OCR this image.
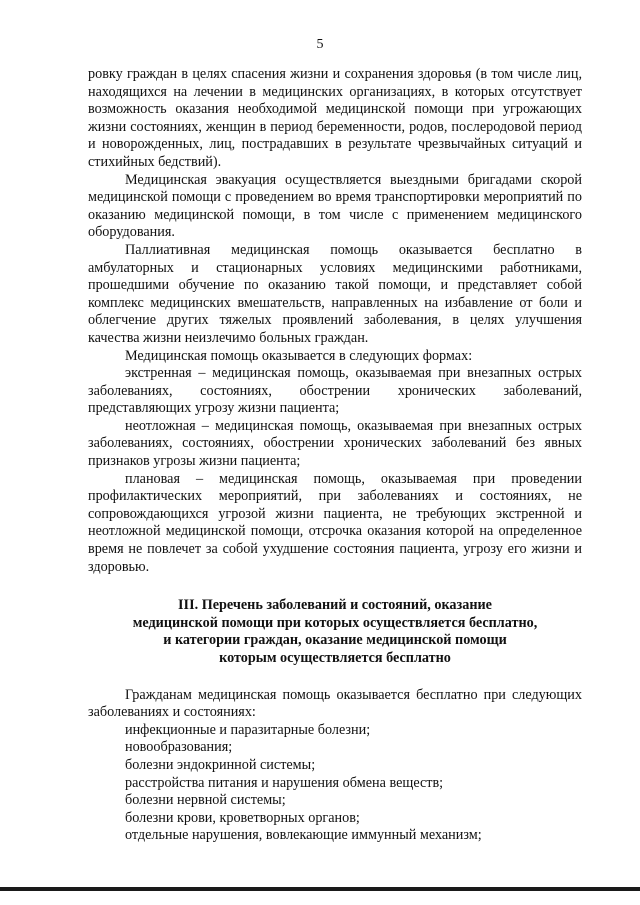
5

ровку граждан в целях спасения жизни и сохранения здоровья (в том числе лиц, находящихся на лечении в медицинских организациях, в которых отсутствует возможность оказания необходимой медицинской помощи при угрожающих жизни состояниях, женщин в период беременности, родов, послеродовой период и новорожденных, лиц, пострадавших в результате чрезвычайных ситуаций и стихийных бедствий).

Медицинская эвакуация осуществляется выездными бригадами скорой медицинской помощи с проведением во время транспортировки мероприятий по оказанию медицинской помощи, в том числе с применением медицинского оборудования.

Паллиативная медицинская помощь оказывается бесплатно в амбулаторных и стационарных условиях медицинскими работниками, прошедшими обучение по оказанию такой помощи, и представляет собой комплекс медицинских вмешательств, направленных на избавление от боли и облегчение других тяжелых проявлений заболевания, в целях улучшения качества жизни неизлечимо больных граждан.

Медицинская помощь оказывается в следующих формах:

экстренная – медицинская помощь, оказываемая при внезапных острых заболеваниях, состояниях, обострении хронических заболеваний, представляющих угрозу жизни пациента;

неотложная – медицинская помощь, оказываемая при внезапных острых заболеваниях, состояниях, обострении хронических заболеваний без явных признаков угрозы жизни пациента;

плановая – медицинская помощь, оказываемая при проведении профилактических мероприятий, при заболеваниях и состояниях, не сопровождающихся угрозой жизни пациента, не требующих экстренной и неотложной медицинской помощи, отсрочка оказания которой на определенное время не повлечет за собой ухудшение состояния пациента, угрозу его жизни и здоровью.

III. Перечень заболеваний и состояний, оказание
медицинской помощи при которых осуществляется бесплатно,
и категории граждан, оказание медицинской помощи
которым осуществляется бесплатно

Гражданам медицинская помощь оказывается бесплатно при следующих заболеваниях и состояниях:

инфекционные и паразитарные болезни;

новообразования;

болезни эндокринной системы;

расстройства питания и нарушения обмена веществ;

болезни нервной системы;

болезни крови, кроветворных органов;

отдельные нарушения, вовлекающие иммунный механизм;
